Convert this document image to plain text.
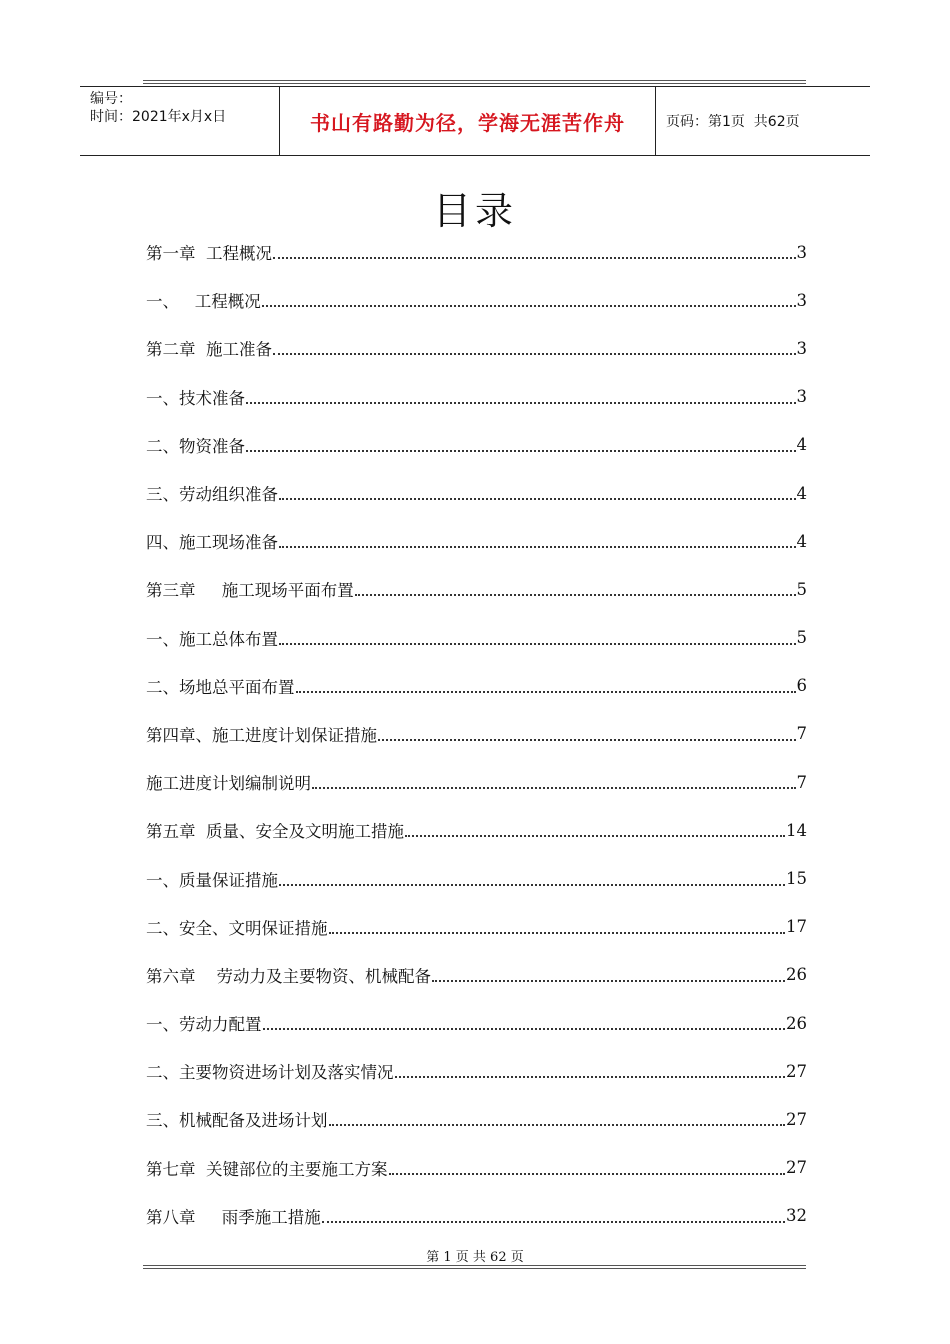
编号：
时间：2021年x月x日	书山有路勤为径，学海无涯苦作舟	页码：第1页  共62页
目录
第一章  工程概况	3
一、   工程概况	3
第二章  施工准备	3
一、技术准备	3
二、物资准备	4
三、劳动组织准备	4
四、施工现场准备	4
第三章     施工现场平面布置	5
一、施工总体布置	5
二、场地总平面布置	6
第四章、施工进度计划保证措施	7
施工进度计划编制说明	7
第五章  质量、安全及文明施工措施	14
一、质量保证措施	15
二、安全、文明保证措施	17
第六章    劳动力及主要物资、机械配备	26
一、劳动力配置	26
二、主要物资进场计划及落实情况	27
三、机械配备及进场计划	27
第七章  关键部位的主要施工方案	27
第八章     雨季施工措施	32
第 1 页 共 62 页
